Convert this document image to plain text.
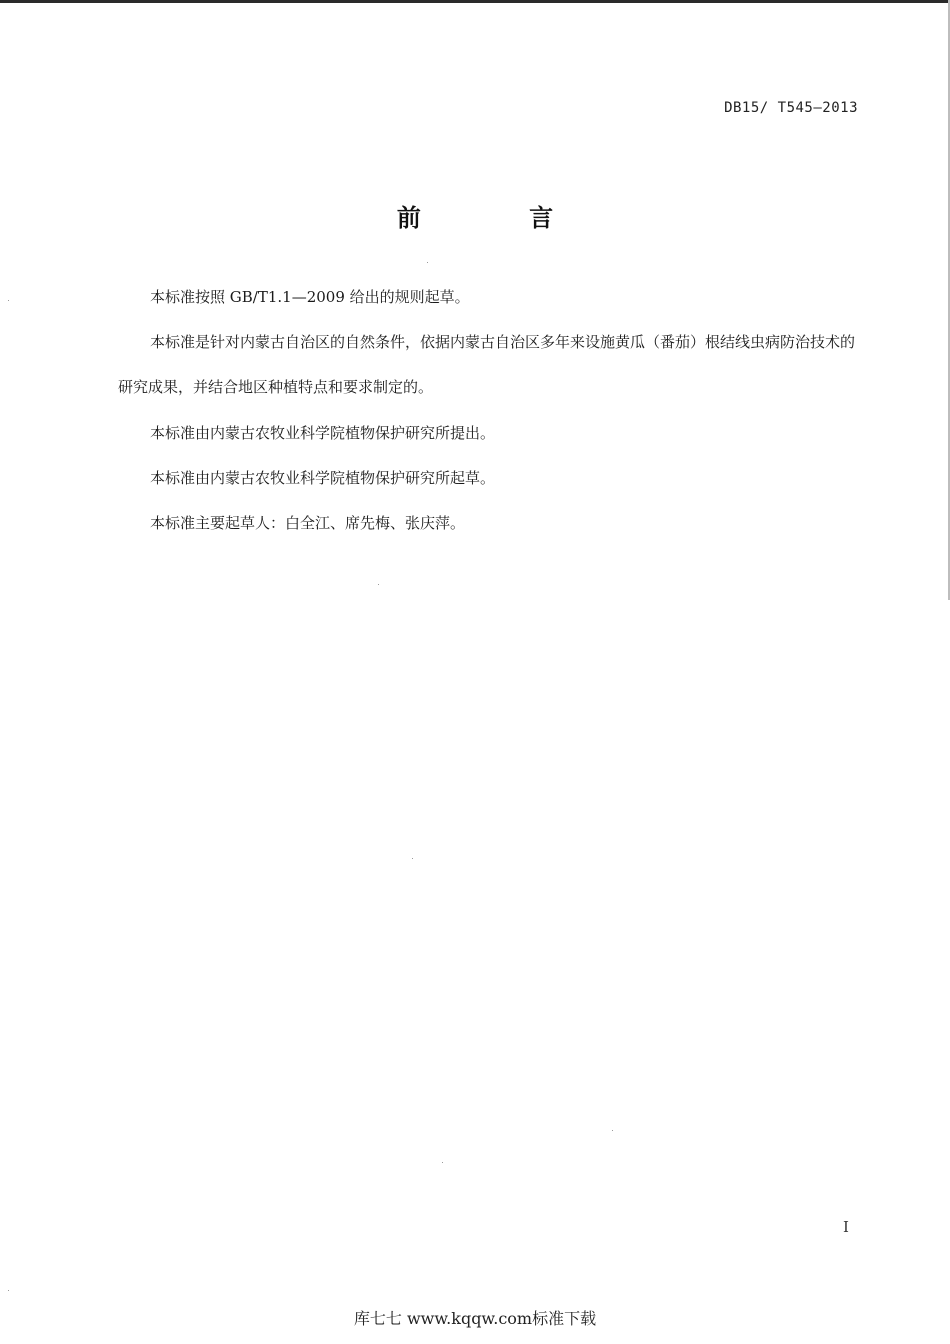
DB15/ T545—2013
前 言

本标准按照 GB/T1.1—2009 给出的规则起草。

本标准是针对内蒙古自治区的自然条件，依据内蒙古自治区多年来设施黄瓜（番茄）根结线虫病防治技术的研究成果，并结合地区种植特点和要求制定的。

本标准由内蒙古农牧业科学院植物保护研究所提出。

本标准由内蒙古农牧业科学院植物保护研究所起草。

本标准主要起草人：白全江、席先梅、张庆萍。

I
库七七 www.kqqw.com标准下载
